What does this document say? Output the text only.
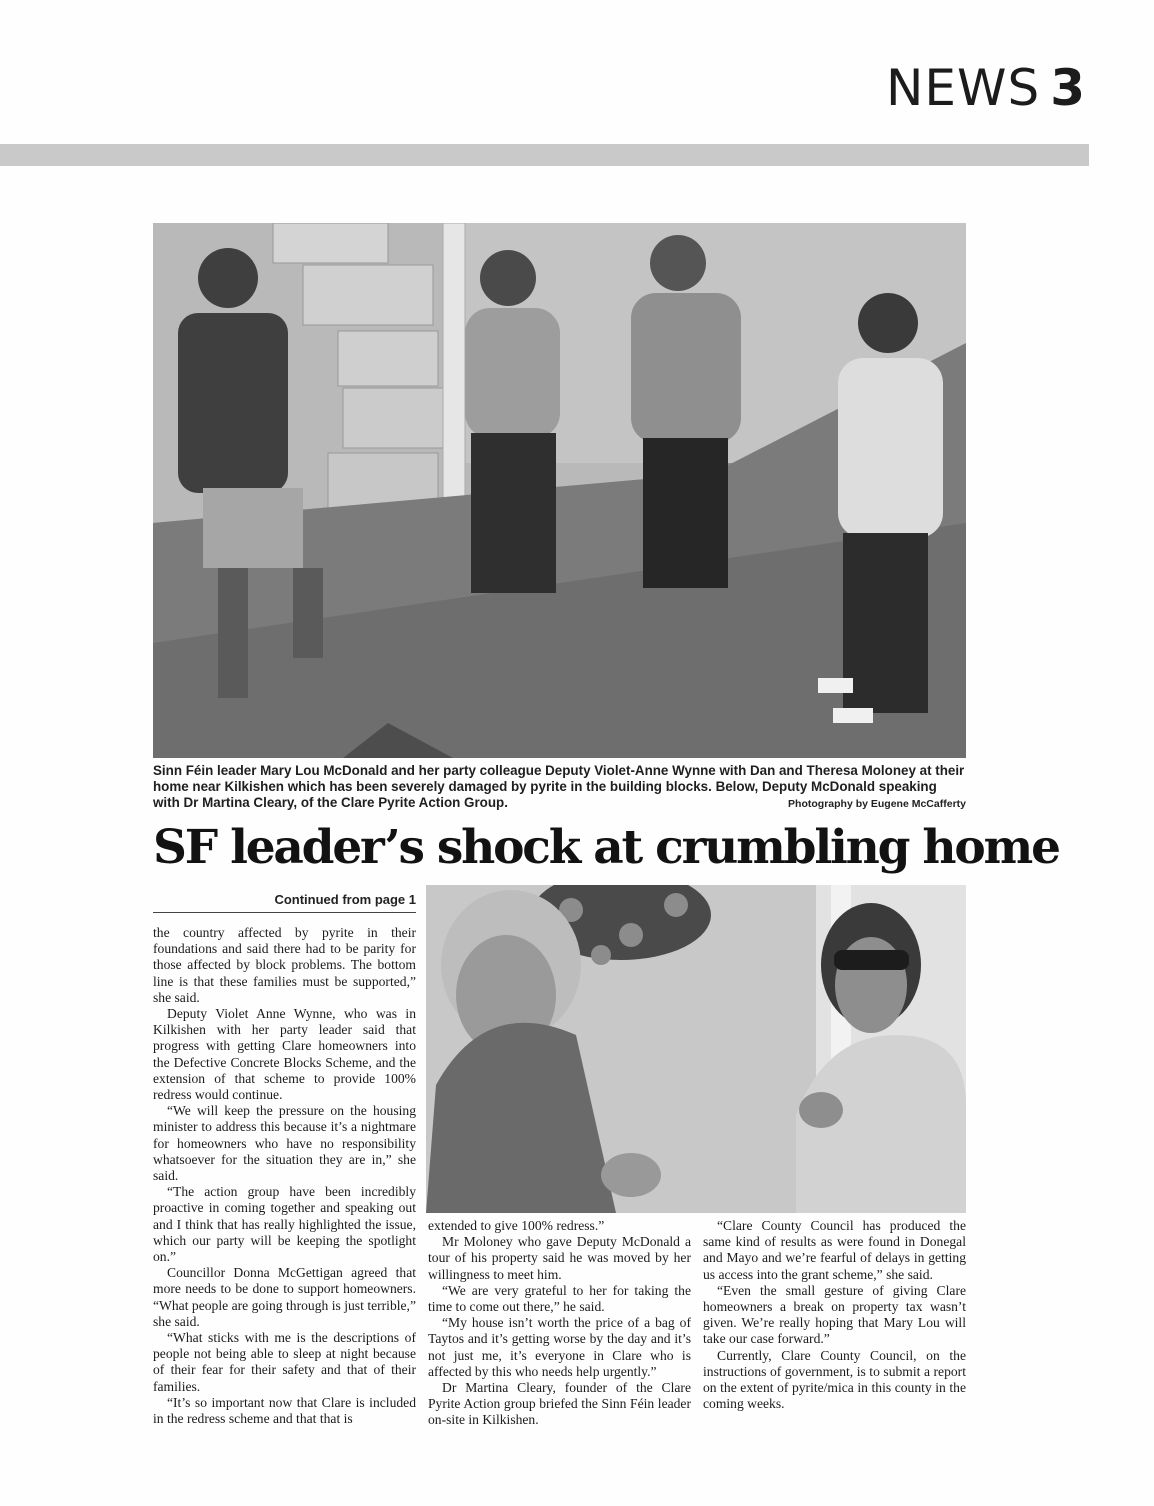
NEWS 3
Sinn Féin leader Mary Lou McDonald and her party colleague Deputy Violet-Anne Wynne with Dan and Theresa Moloney at their home near Kilkishen which has been severely damaged by pyrite in the building blocks. Below, Deputy McDonald speaking with Dr Martina Cleary, of the Clare Pyrite Action Group.	Photography by Eugene McCafferty
SF leader’s shock at crumbling home
Continued from page 1

the country affected by pyrite in their foundations and said there had to be parity for those affected by block problems. The bottom line is that these families must be supported,” she said.

Deputy Violet Anne Wynne, who was in Kilkishen with her party leader said that progress with getting Clare homeowners into the Defective Concrete Blocks Scheme, and the extension of that scheme to provide 100% redress would continue.

“We will keep the pressure on the housing minister to address this because it’s a nightmare for homeowners who have no responsibility whatsoever for the situation they are in,” she said.

“The action group have been incredibly proactive in coming together and speaking out and I think that has really highlighted the issue, which our party will be keeping the spotlight on.”

Councillor Donna McGettigan agreed that more needs to be done to support homeowners. “What people are going through is just terrible,” she said.

“What sticks with me is the descriptions of people not being able to sleep at night because of their fear for their safety and that of their families.

“It’s so important now that Clare is included in the redress scheme and that that is

extended to give 100% redress.”

Mr Moloney who gave Deputy McDonald a tour of his property said he was moved by her willingness to meet him.

“We are very grateful to her for taking the time to come out there,” he said.

“My house isn’t worth the price of a bag of Taytos and it’s getting worse by the day and it’s not just me, it’s everyone in Clare who is affected by this who needs help urgently.”

Dr Martina Cleary, founder of the Clare Pyrite Action group briefed the Sinn Féin leader on-site in Kilkishen.

“Clare County Council has produced the same kind of results as were found in Donegal and Mayo and we’re fearful of delays in getting us access into the grant scheme,” she said.

“Even the small gesture of giving Clare homeowners a break on property tax wasn’t given. We’re really hoping that Mary Lou will take our case forward.”

Currently, Clare County Council, on the instructions of government, is to submit a report on the extent of pyrite/mica in this county in the coming weeks.
